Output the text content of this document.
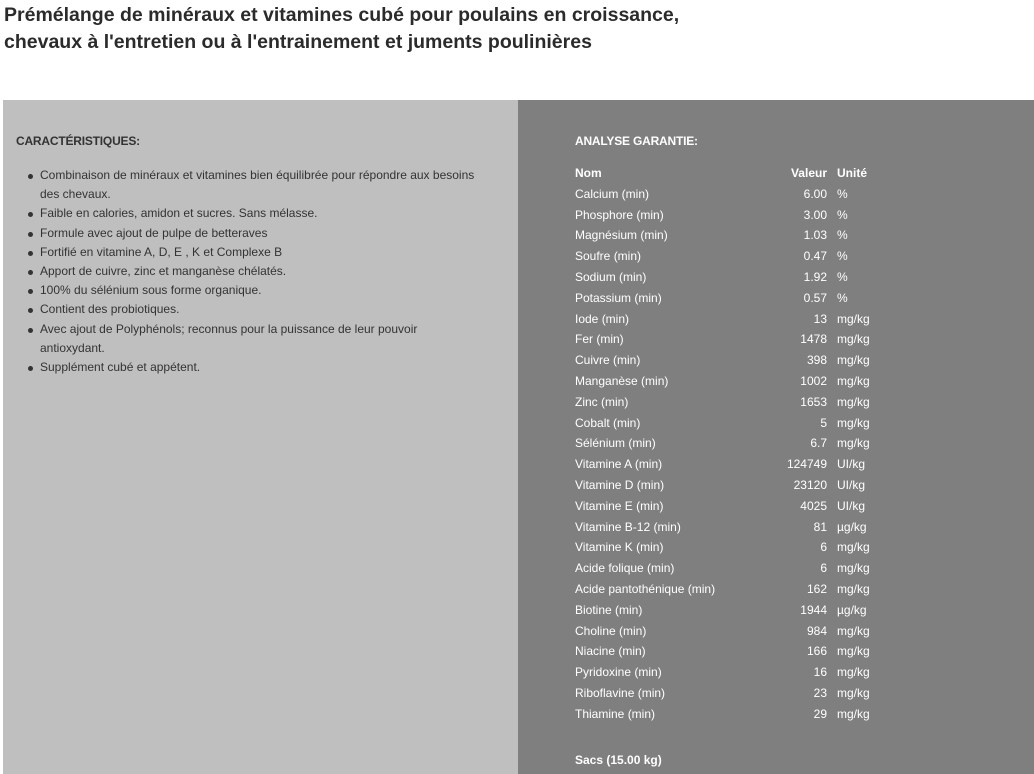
Prémélange de minéraux et vitamines cubé pour poulains en croissance,
chevaux à l'entretien ou à l'entrainement et juments poulinières
CARACTÉRISTIQUES:
Combinaison de minéraux et vitamines bien équilibrée pour répondre aux besoins des chevaux.
Faible en calories, amidon et sucres. Sans mélasse.
Formule avec ajout de pulpe de betteraves
Fortifié en vitamine A, D, E , K et Complexe B
Apport de cuivre, zinc et manganèse chélatés.
100% du sélénium sous forme organique.
Contient des probiotiques.
Avec ajout de Polyphénols; reconnus pour la puissance de leur pouvoir antioxydant.
Supplément cubé et appétent.
ANALYSE GARANTIE:
Nom	Valeur	Unité
Calcium (min)	6.00	%
Phosphore (min)	3.00	%
Magnésium (min)	1.03	%
Soufre (min)	0.47	%
Sodium (min)	1.92	%
Potassium (min)	0.57	%
Iode (min)	13	mg/kg
Fer (min)	1478	mg/kg
Cuivre (min)	398	mg/kg
Manganèse (min)	1002	mg/kg
Zinc (min)	1653	mg/kg
Cobalt (min)	5	mg/kg
Sélénium (min)	6.7	mg/kg
Vitamine A (min)	124749	UI/kg
Vitamine D (min)	23120	UI/kg
Vitamine E (min)	4025	UI/kg
Vitamine B-12 (min)	81	µg/kg
Vitamine K (min)	6	mg/kg
Acide folique (min)	6	mg/kg
Acide pantothénique (min)	162	mg/kg
Biotine (min)	1944	µg/kg
Choline (min)	984	mg/kg
Niacine (min)	166	mg/kg
Pyridoxine (min)	16	mg/kg
Riboflavine (min)	23	mg/kg
Thiamine (min)	29	mg/kg

Sacs (15.00 kg)
